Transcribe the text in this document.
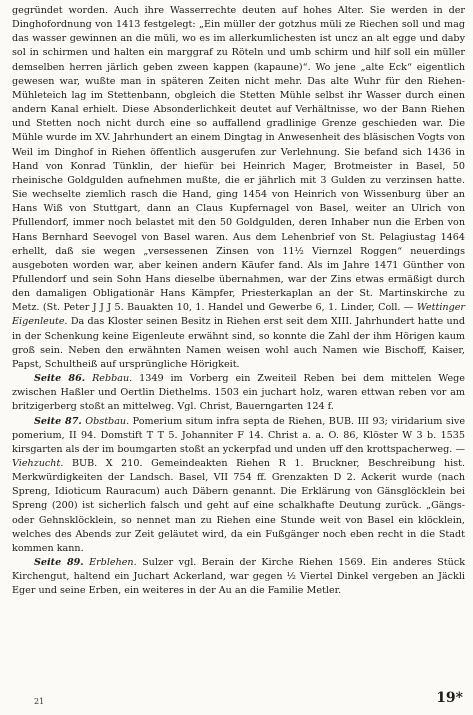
gegründet worden. Auch ihre Wasserrechte deuten auf hohes Alter. Sie werden in der Dinghofordnung von 1413 festgelegt: „Ein müller der gotzhus müli ze Riechen soll und mag das wasser gewinnen an die müli, wo es im allerkumlichesten ist uncz an alt egge und daby sol in schirmen und halten ein marggraf zu Röteln und umb schirm und hilf soll ein müller demselben herren järlich geben zween kappen (kapaune)“. Wo jene „alte Eck“ eigentlich gewesen war, wußte man in späteren Zeiten nicht mehr. Das alte Wuhr für den Riehen-Mühleteich lag im Stettenbann, obgleich die Stetten Mühle selbst ihr Wasser durch einen andern Kanal erhielt. Diese Absonderlichkeit deutet auf Verhältnisse, wo der Bann Riehen und Stetten noch nicht durch eine so auffallend gradlinige Grenze geschieden war. Die Mühle wurde im XV. Jahrhundert an einem Dingtag in Anwesenheit des bläsischen Vogts von Weil im Dinghof in Riehen öffentlich ausgerufen zur Verlehnung. Sie befand sich 1436 in Hand von Konrad Tünklin, der hiefür bei Heinrich Mager, Brotmeister in Basel, 50 rheinische Goldgulden aufnehmen mußte, die er jährlich mit 3 Gulden zu verzinsen hatte. Sie wechselte ziemlich rasch die Hand, ging 1454 von Heinrich von Wissenburg über an Hans Wiß von Stuttgart, dann an Claus Kupfernagel von Basel, weiter an Ulrich von Pfullendorf, immer noch belastet mit den 50 Goldgulden, deren Inhaber nun die Erben von Hans Bernhard Seevogel von Basel waren. Aus dem Lehenbrief von St. Pelagiustag 1464 erhellt, daß sie wegen „versessenen Zinsen von 11½ Viernzel Roggen“ neuerdings ausgeboten worden war, aber keinen andern Käufer fand. Als im Jahre 1471 Günther von Pfullendorf und sein Sohn Hans dieselbe übernahmen, war der Zins etwas ermäßigt durch den damaligen Obligationär Hans Kämpfer, Priesterkaplan an der St. Martinskirche zu Metz. (St. Peter J J J 5. Bauakten 10, 1. Handel und Gewerbe 6, 1. Linder, Coll. — Wettinger Eigenleute. Da das Kloster seinen Besitz in Riehen erst seit dem XIII. Jahrhundert hatte und in der Schenkung keine Eigenleute erwähnt sind, so konnte die Zahl der ihm Hörigen kaum groß sein. Neben den erwähnten Namen weisen wohl auch Namen wie Bischoff, Kaiser, Papst, Schultheiß auf ursprüngliche Hörigkeit.

Seite 86. Rebbau. 1349 im Vorberg ein Zweiteil Reben bei dem mittelen Wege zwischen Haßler und Oertlin Diethelms. 1503 ein juchart holz, waren ettwan reben vor am britzigerberg stoßt an mittelweg. Vgl. Christ, Bauerngarten 124 f.

Seite 87. Obstbau. Pomerium situm infra septa de Riehen, BUB. III 93; viridarium sive pomerium, II 94. Domstift T T 5. Johanniter F 14. Christ a. a. O. 86, Klöster W 3 b. 1535 kirsgarten als der im boumgarten stoßt an yckerpfad und unden uff den krottspacherweg. — Viehzucht. BUB. X 210. Gemeindeakten Riehen R 1. Bruckner, Beschreibung hist. Merkwürdigkeiten der Landsch. Basel, VII 754 ff. Grenzakten D 2. Ackerit wurde (nach Spreng, Idioticum Rauracum) auch Däbern genannt. Die Erklärung von Gänsglöcklein bei Spreng (200) ist sicherlich falsch und geht auf eine schalkhafte Deutung zurück. „Gängs- oder Gehnsklöcklein, so nennet man zu Riehen eine Stunde weit von Basel ein klöcklein, welches des Abends zur Zeit geläutet wird, da ein Fußgänger noch eben recht in die Stadt kommen kann.

Seite 89. Erblehen. Sulzer vgl. Berain der Kirche Riehen 1569. Ein anderes Stück Kirchengut, haltend ein Juchart Ackerland, war gegen ½ Viertel Dinkel vergeben an Jäckli Eger und seine Erben, ein weiteres in der Au an die Familie Metler.

21	19*
